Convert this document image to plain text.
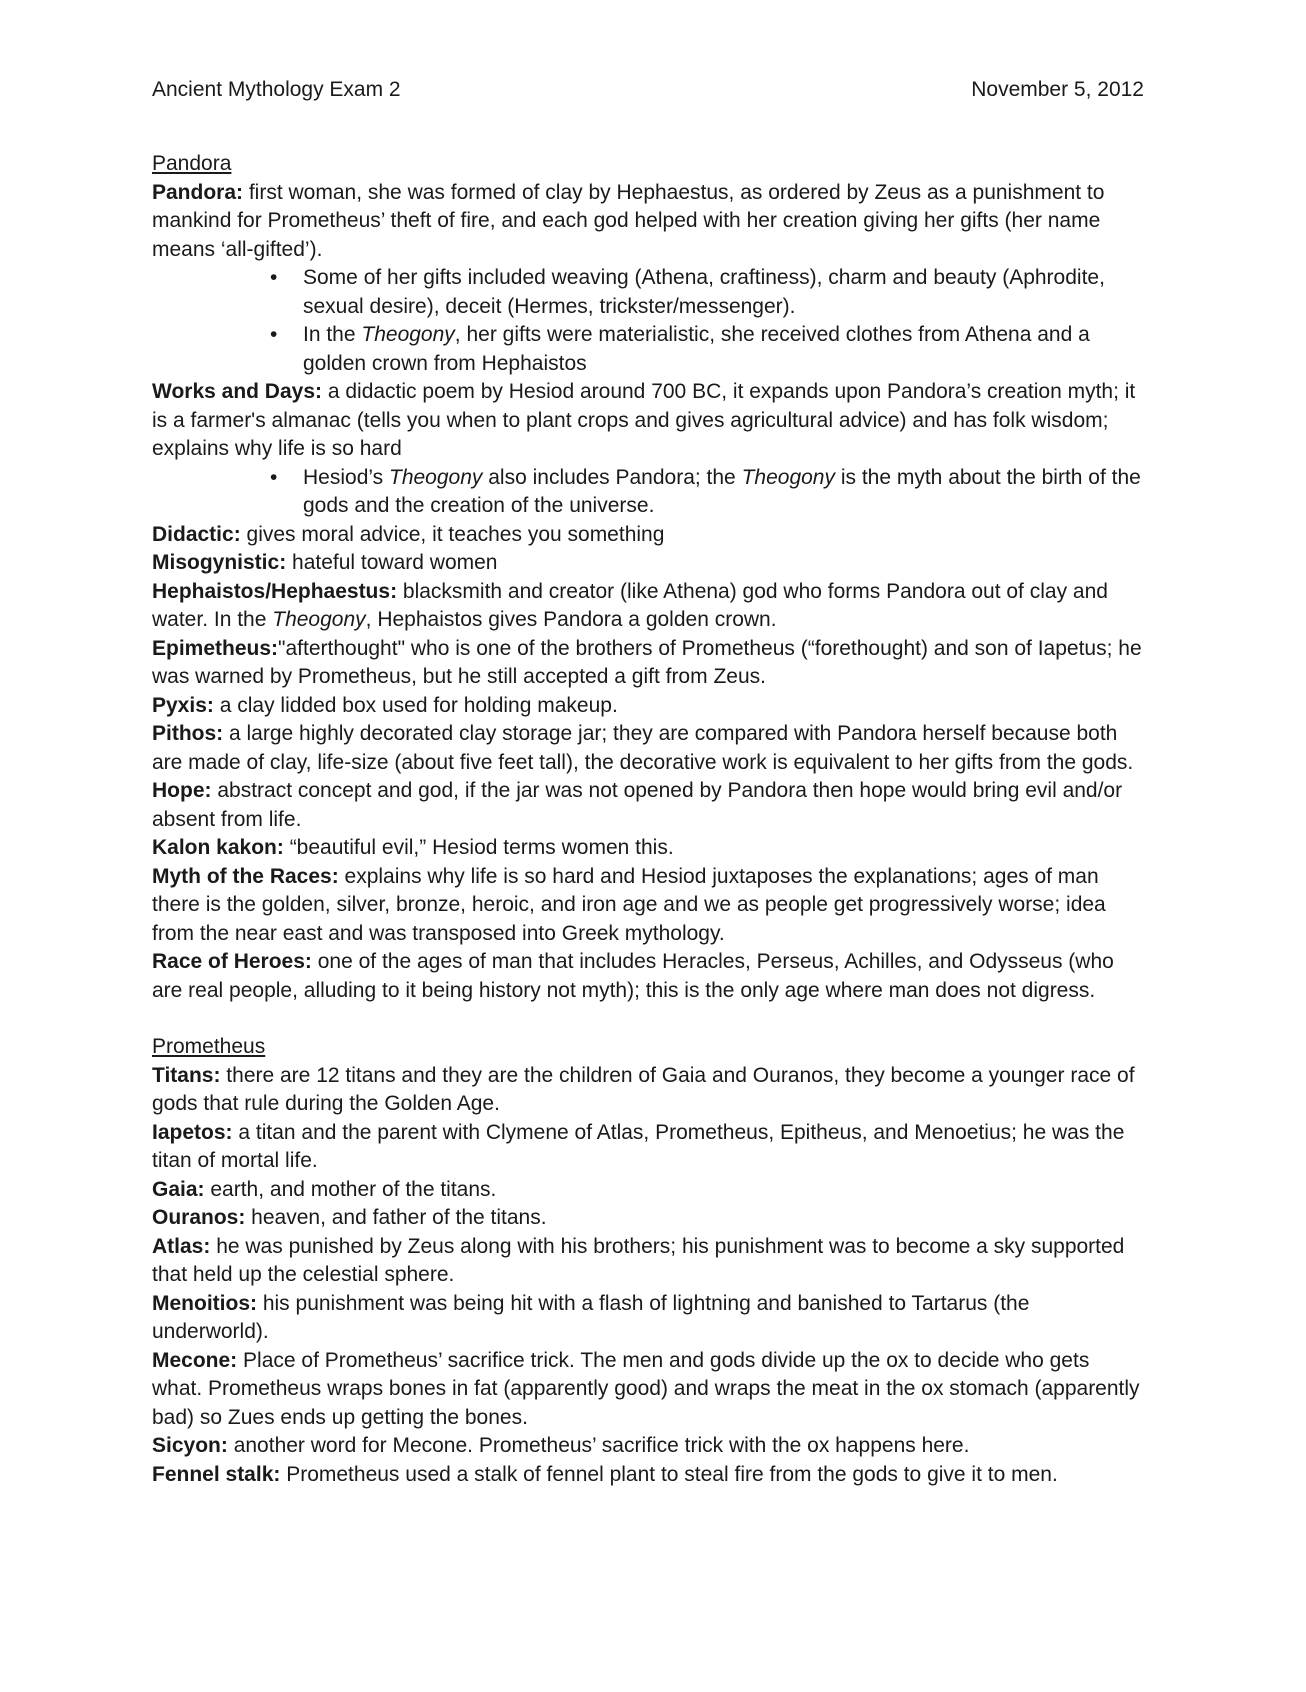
Ancient Mythology Exam 2	November 5, 2012
Pandora

Pandora: first woman, she was formed of clay by Hephaestus, as ordered by Zeus as a punishment to mankind for Prometheus’ theft of fire, and each god helped with her creation giving her gifts (her name means ‘all-gifted’).

• Some of her gifts included weaving (Athena, craftiness), charm and beauty (Aphrodite, sexual desire), deceit (Hermes, trickster/messenger).
• In the Theogony, her gifts were materialistic, she received clothes from Athena and a golden crown from Hephaistos

Works and Days: a didactic poem by Hesiod around 700 BC, it expands upon Pandora’s creation myth; it is a farmer's almanac (tells you when to plant crops and gives agricultural advice) and has folk wisdom; explains why life is so hard

• Hesiod’s Theogony also includes Pandora; the Theogony is the myth about the birth of the gods and the creation of the universe.

Didactic: gives moral advice, it teaches you something

Misogynistic: hateful toward women

Hephaistos/Hephaestus: blacksmith and creator (like Athena) god who forms Pandora out of clay and water. In the Theogony, Hephaistos gives Pandora a golden crown.

Epimetheus:"afterthought" who is one of the brothers of Prometheus (“forethought) and son of Iapetus; he was warned by Prometheus, but he still accepted a gift from Zeus.

Pyxis: a clay lidded box used for holding makeup.

Pithos: a large highly decorated clay storage jar; they are compared with Pandora herself because both are made of clay, life-size (about five feet tall), the decorative work is equivalent to her gifts from the gods.

Hope: abstract concept and god, if the jar was not opened by Pandora then hope would bring evil and/or absent from life.

Kalon kakon: “beautiful evil,” Hesiod terms women this.

Myth of the Races: explains why life is so hard and Hesiod juxtaposes the explanations; ages of man there is the golden, silver, bronze, heroic, and iron age and we as people get progressively worse; idea from the near east and was transposed into Greek mythology.

Race of Heroes: one of the ages of man that includes Heracles, Perseus, Achilles, and Odysseus (who are real people, alluding to it being history not myth); this is the only age where man does not digress.

Prometheus

Titans: there are 12 titans and they are the children of Gaia and Ouranos, they become a younger race of gods that rule during the Golden Age.

Iapetos: a titan and the parent with Clymene of Atlas, Prometheus, Epitheus, and Menoetius; he was the titan of mortal life.

Gaia: earth, and mother of the titans.

Ouranos: heaven, and father of the titans.

Atlas: he was punished by Zeus along with his brothers; his punishment was to become a sky supported that held up the celestial sphere.

Menoitios: his punishment was being hit with a flash of lightning and banished to Tartarus (the underworld).

Mecone: Place of Prometheus’ sacrifice trick. The men and gods divide up the ox to decide who gets what. Prometheus wraps bones in fat (apparently good) and wraps the meat in the ox stomach (apparently bad) so Zues ends up getting the bones.

Sicyon: another word for Mecone. Prometheus’ sacrifice trick with the ox happens here.

Fennel stalk: Prometheus used a stalk of fennel plant to steal fire from the gods to give it to men.
